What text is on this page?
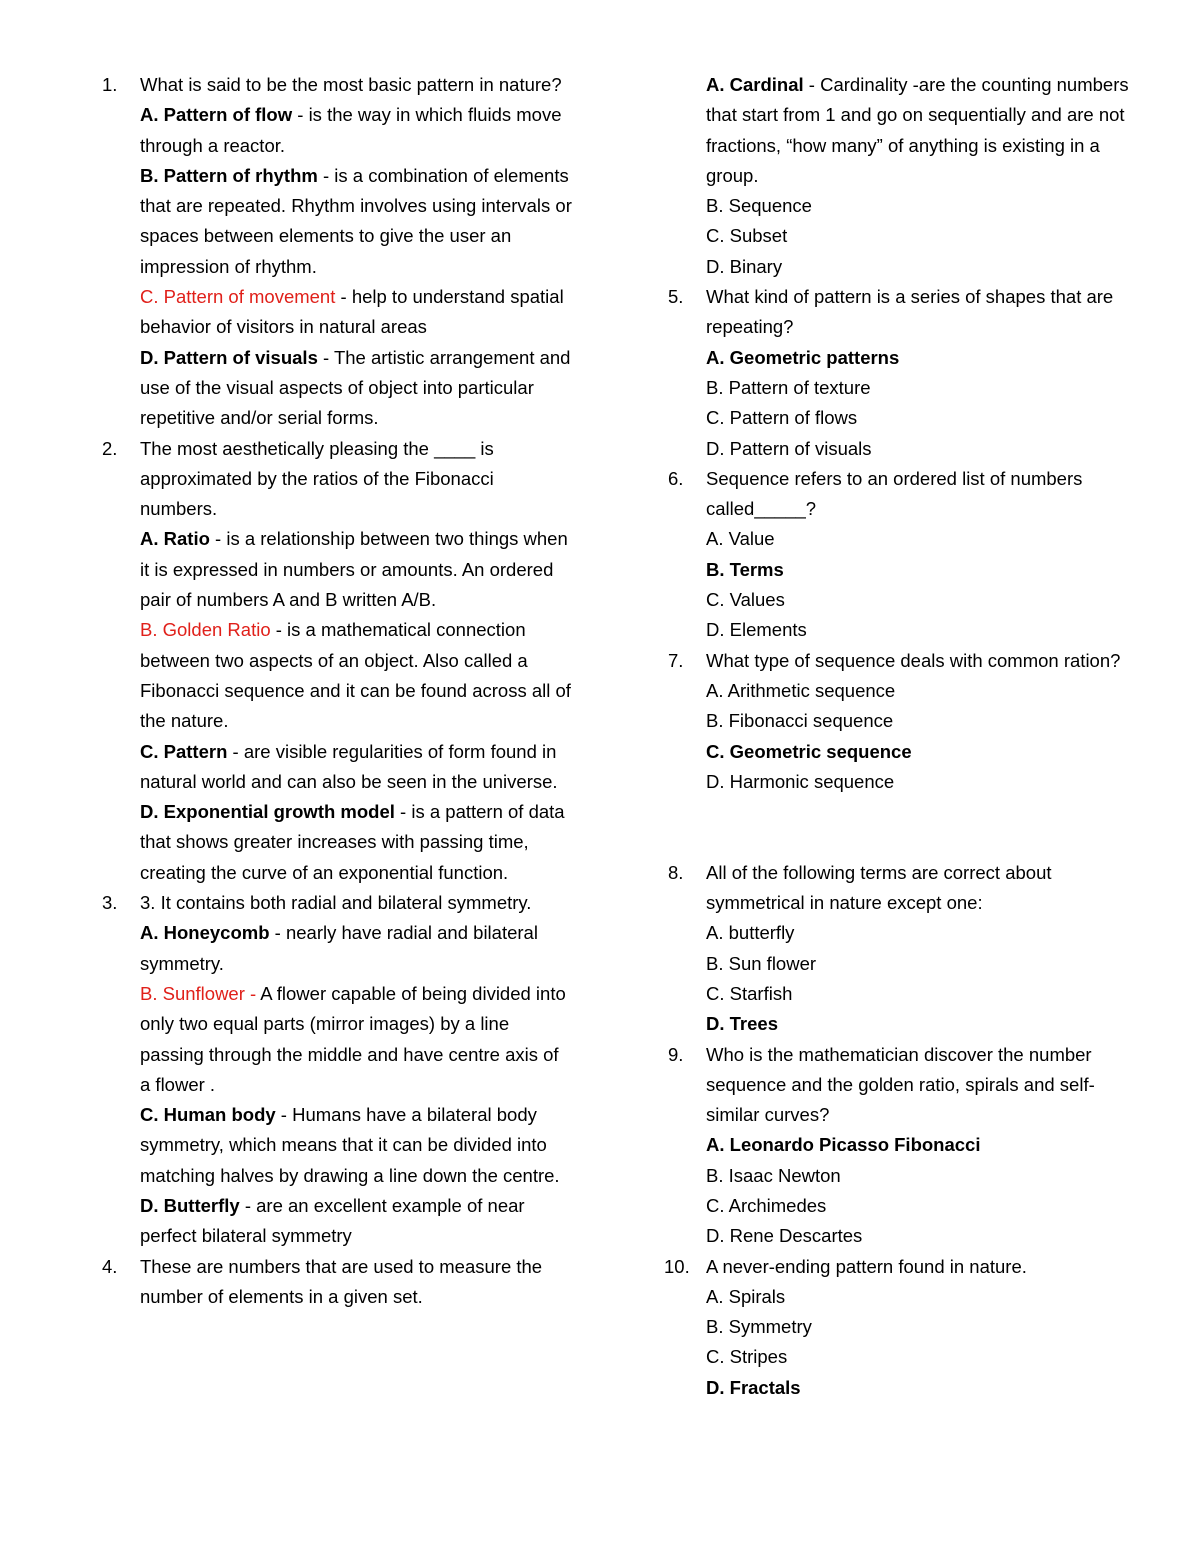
1.	What is said to be the most basic pattern in nature?
A. Pattern of flow - is the way in which fluids move through a reactor.
B. Pattern of rhythm - is a combination of elements that are repeated. Rhythm involves using intervals or spaces between elements to give the user an impression of rhythm.
C. Pattern of movement - help to understand spatial behavior of visitors in natural areas
D. Pattern of visuals - The artistic arrangement and use of the visual aspects of object into particular repetitive and/or serial forms.
2.	The most aesthetically pleasing the ____ is approximated by the ratios of the Fibonacci numbers.
A. Ratio - is a relationship between two things when it is expressed in numbers or amounts. An ordered pair of numbers A and B written A/B.
B. Golden Ratio - is a mathematical connection between two aspects of an object. Also called a Fibonacci sequence and it can be found across all of the nature.
C. Pattern - are visible regularities of form found in natural world and can also be seen in the universe.
D. Exponential growth model - is a pattern of data that shows greater increases with passing time, creating the curve of an exponential function.
3.	3. It contains both radial and bilateral symmetry.
A. Honeycomb - nearly have radial and bilateral symmetry.
B. Sunflower - A flower capable of being divided into only two equal parts (mirror images) by a line passing through the middle and have centre axis of a flower .
C. Human body - Humans have a bilateral body symmetry, which means that it can be divided into matching halves by drawing a line down the centre.
D. Butterfly - are an excellent example of near perfect bilateral symmetry
4.	These are numbers that are used to measure the number of elements in a given set.
A. Cardinal - Cardinality -are the counting numbers that start from 1 and go on sequentially and are not fractions, “how many” of anything is existing in a group.
B. Sequence
C. Subset
D. Binary
5.	What kind of pattern is a series of shapes that are repeating?
A. Geometric patterns
B. Pattern of texture
C. Pattern of flows
D. Pattern of visuals
6.	Sequence refers to an ordered list of numbers called_____?
A. Value
B. Terms
C. Values
D. Elements
7.	What type of sequence deals with common ration?
A. Arithmetic sequence
B. Fibonacci sequence
C. Geometric sequence
D. Harmonic sequence
8.	All of the following terms are correct about symmetrical in nature except one:
A. butterfly
B. Sun flower
C. Starfish
D. Trees
9.	Who is the mathematician discover the number sequence and the golden ratio, spirals and self-similar curves?
A. Leonardo Picasso Fibonacci
B. Isaac Newton
C. Archimedes
D. Rene Descartes
10. A never-ending pattern found in nature.
A. Spirals
B. Symmetry
C. Stripes
D. Fractals
